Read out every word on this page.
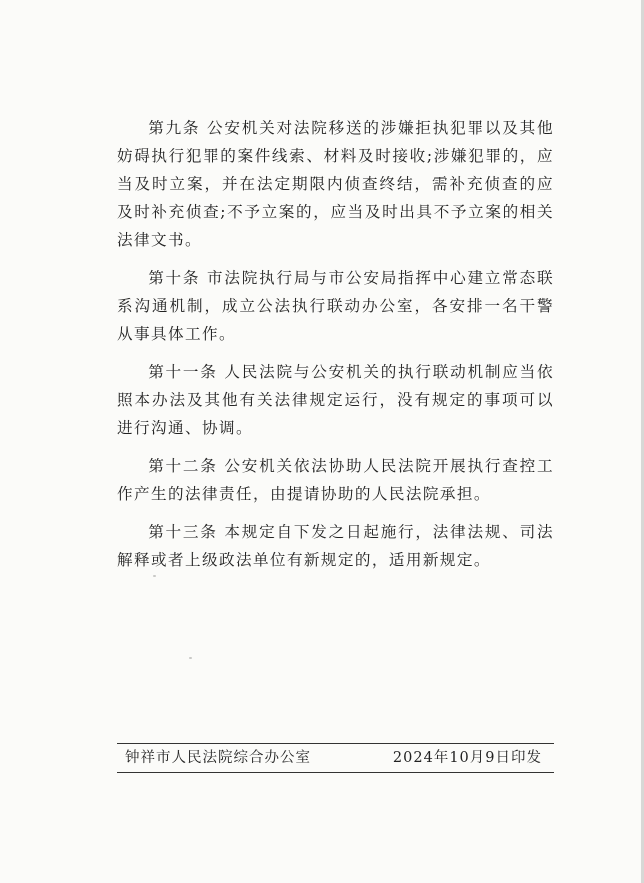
第九条 公安机关对法院移送的涉嫌拒执犯罪以及其他妨碍执行犯罪的案件线索、材料及时接收;涉嫌犯罪的，应当及时立案，并在法定期限内侦查终结，需补充侦查的应及时补充侦查;不予立案的，应当及时出具不予立案的相关法律文书。

第十条 市法院执行局与市公安局指挥中心建立常态联系沟通机制，成立公法执行联动办公室，各安排一名干警从事具体工作。

第十一条 人民法院与公安机关的执行联动机制应当依照本办法及其他有关法律规定运行，没有规定的事项可以进行沟通、协调。

第十二条 公安机关依法协助人民法院开展执行查控工作产生的法律责任，由提请协助的人民法院承担。

第十三条 本规定自下发之日起施行，法律法规、司法解释或者上级政法单位有新规定的，适用新规定。

钟祥市人民法院综合办公室	2024年10月9日印发
